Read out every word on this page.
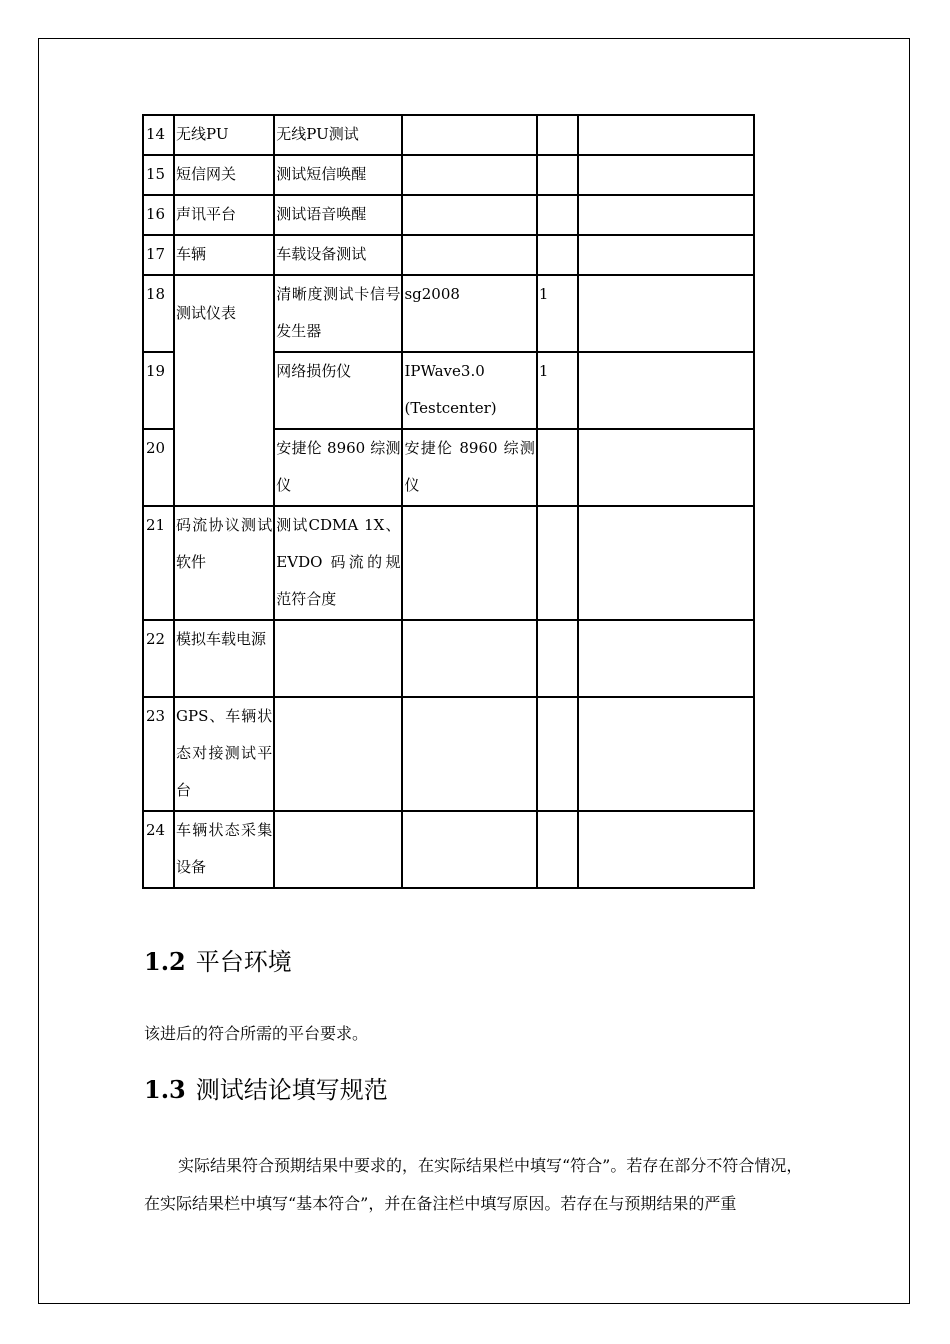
14	无线PU	无线PU测试			
15	短信网关	测试短信唤醒			
16	声讯平台	测试语音唤醒			
17	车辆	车载设备测试			
18	测试仪表	清晰度测试卡信号发生器	sg2008	1	
19		网络损伤仪	IPWave3.0 (Testcenter)	1	
20		安捷伦 8960 综测仪	安捷伦 8960 综测仪		
21	码流协议测试软件	测试CDMA 1X、EVDO 码流的规范符合度			
22	模拟车载电源				
23	GPS、车辆状态对接测试平台				
24	车辆状态采集设备				
1.2 平台环境
该进后的符合所需的平台要求。
1.3 测试结论填写规范
实际结果符合预期结果中要求的，在实际结果栏中填写“符合”。若存在部分不符合情况，在实际结果栏中填写“基本符合”，并在备注栏中填写原因。若存在与预期结果的严重
